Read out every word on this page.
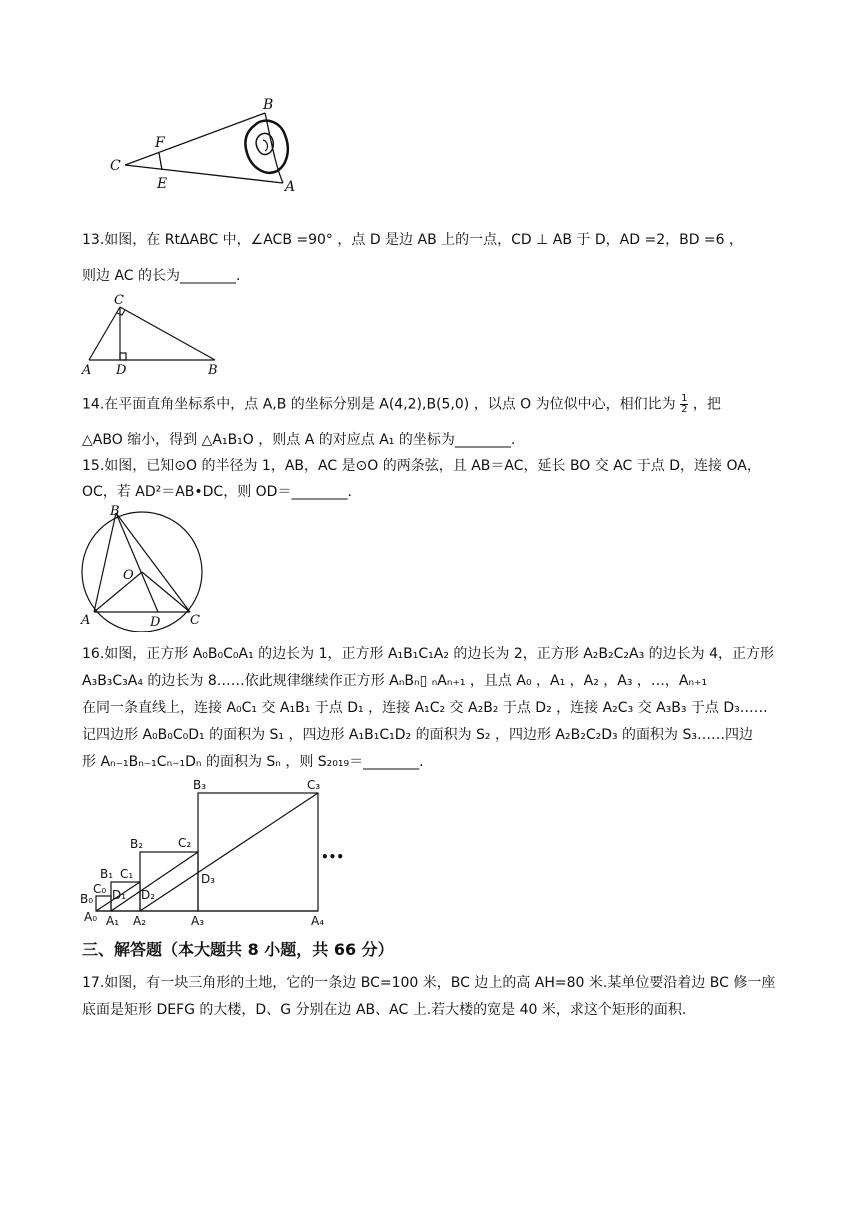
C
F
E
B
A
13.如图，在 RtΔABC 中，∠ACB =90° ，点 D 是边 AB 上的一点，CD ⊥ AB 于 D，AD =2，BD =6 ，
则边 AC 的长为________.
C
A D	B
14.在平面直角坐标系中，点 A,B 的坐标分别是 A(4,2),B(5,0) ，以点 O 为位似中心，相们比为 $\frac{1}{2}$ ，把
△ABO 缩小，得到 △A₁B₁O ，则点 A 的对应点 A₁ 的坐标为________.
15.如图，已知⊙O 的半径为 1，AB，AC 是⊙O 的两条弦，且 AB＝AC，延长 BO 交 AC 于点 D，连接 OA，
OC，若 AD²＝AB•DC，则 OD＝________.
B
O
A	D C
16.如图，正方形 A₀B₀C₀A₁ 的边长为 1，正方形 A₁B₁C₁A₂ 的边长为 2，正方形 A₂B₂C₂A₃ 的边长为 4，正方形
A₃B₃C₃A₄ 的边长为 8……依此规律继续作正方形 AₙBₙ▯ ₙAₙ₊₁ ，且点 A₀ ，A₁ ，A₂ ，A₃ ，…，Aₙ₊₁
在同一条直线上，连接 A₀C₁ 交 A₁B₁ 于点 D₁ ，连接 A₁C₂ 交 A₂B₂ 于点 D₂ ，连接 A₂C₃ 交 A₃B₃ 于点 D₃……
记四边形 A₀B₀C₀D₁ 的面积为 S₁ ，四边形 A₁B₁C₁D₂ 的面积为 S₂ ，四边形 A₂B₂C₂D₃ 的面积为 S₃……四边
形 Aₙ₋₁Bₙ₋₁Cₙ₋₁Dₙ 的面积为 Sₙ ，则 S₂₀₁₉＝________.
B₀
C₀
A₀
B₁ C₁
D₁
A₁
B₂	C₂
D₂
A₂
B₃	C₃
D₃
A₃	A₄
•••
三、解答题（本大题共 8 小题，共 66 分）
17.如图，有一块三角形的土地，它的一条边 BC=100 米，BC 边上的高 AH=80 米.某单位要沿着边 BC 修一座
底面是矩形 DEFG 的大楼，D、G 分别在边 AB、AC 上.若大楼的宽是 40 米，求这个矩形的面积.
